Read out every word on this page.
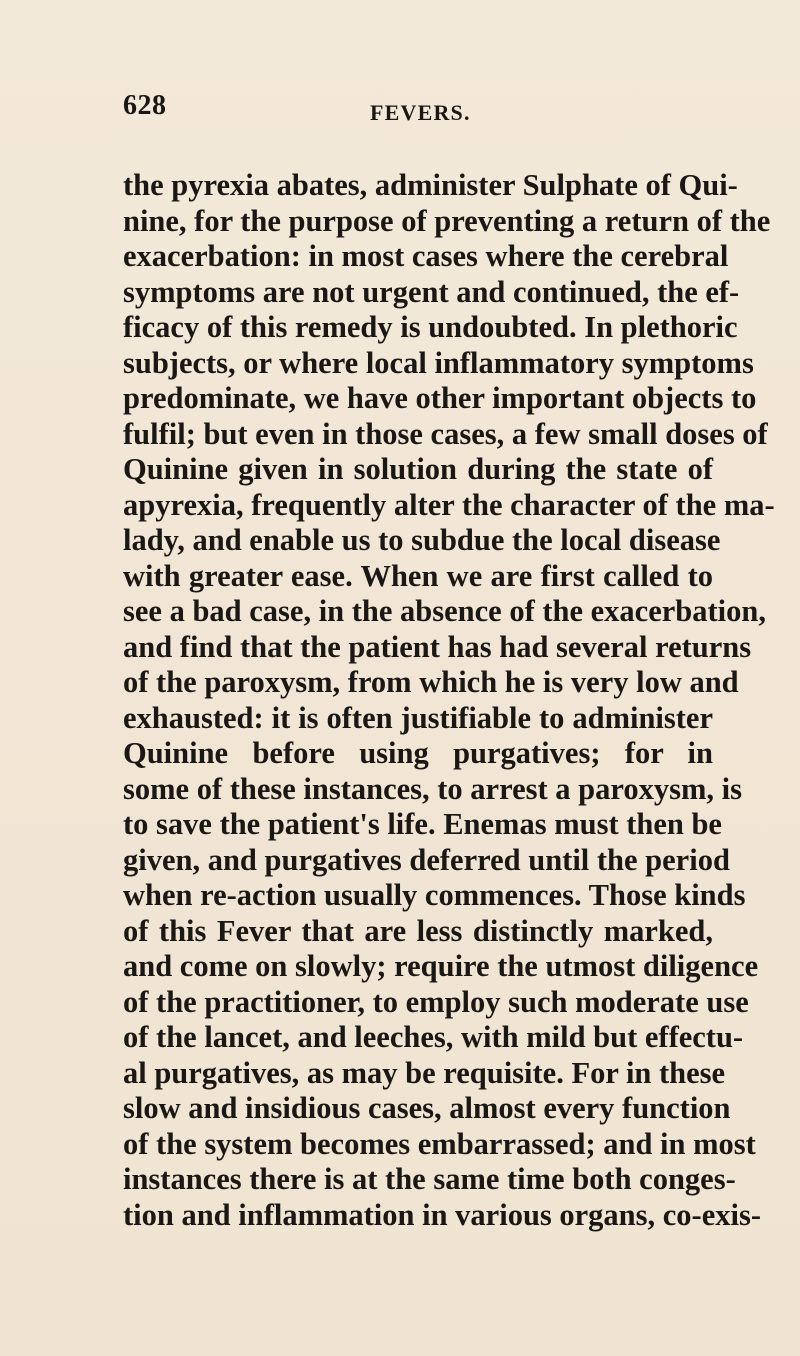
628	FEVERS.
the pyrexia abates, administer Sulphate of Qui-
nine, for the purpose of preventing a return of the
exacerbation: in most cases where the cerebral
symptoms are not urgent and continued, the ef-
ficacy of this remedy is undoubted. In plethoric
subjects, or where local inflammatory symptoms
predominate, we have other important objects to
fulfil; but even in those cases, a few small doses of
Quinine given in solution during the state of
apyrexia, frequently alter the character of the ma-
lady, and enable us to subdue the local disease
with greater ease. When we are first called to
see a bad case, in the absence of the exacerbation,
and find that the patient has had several returns
of the paroxysm, from which he is very low and
exhausted: it is often justifiable to administer
Quinine before using purgatives; for in
some of these instances, to arrest a paroxysm, is
to save the patient's life. Enemas must then be
given, and purgatives deferred until the period
when re-action usually commences. Those kinds
of this Fever that are less distinctly marked,
and come on slowly; require the utmost diligence
of the practitioner, to employ such moderate use
of the lancet, and leeches, with mild but effectu-
al purgatives, as may be requisite. For in these
slow and insidious cases, almost every function
of the system becomes embarrassed; and in most
instances there is at the same time both conges-
tion and inflammation in various organs, co-exis-
